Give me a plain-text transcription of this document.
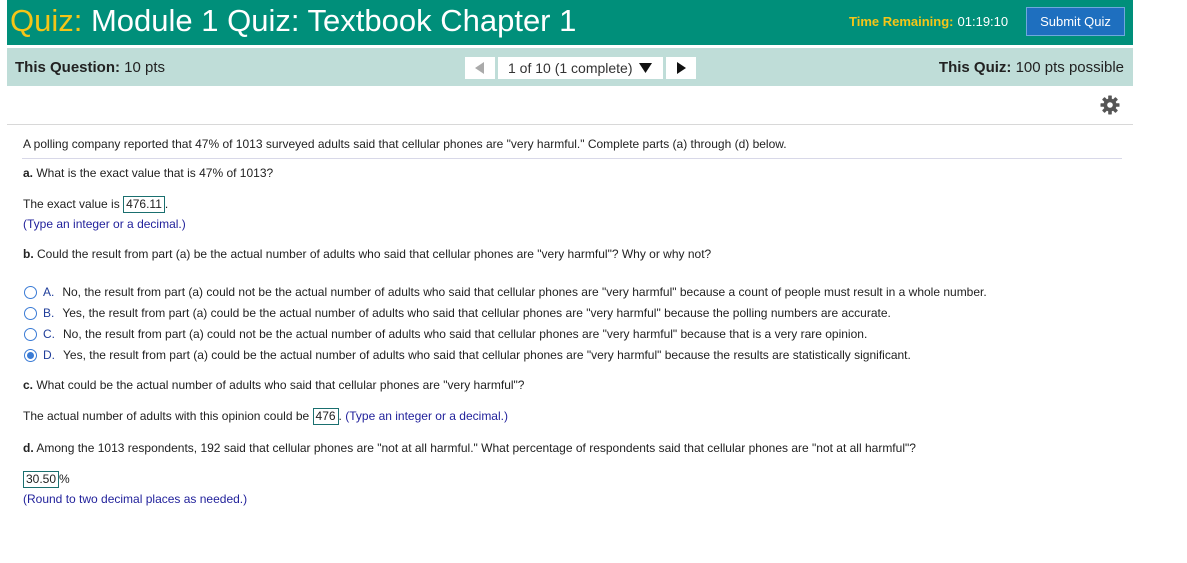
Quiz: Module 1 Quiz: Textbook Chapter 1	Time Remaining: 01:19:10	Submit Quiz
This Question: 10 pts	1 of 10 (1 complete)	This Quiz: 100 pts possible
A polling company reported that 47% of 1013 surveyed adults said that cellular phones are "very harmful." Complete parts (a) through (d) below.
a. What is the exact value that is 47% of 1013?
The exact value is 476.11 .
(Type an integer or a decimal.)
b. Could the result from part (a) be the actual number of adults who said that cellular phones are "very harmful"? Why or why not?
A. No, the result from part (a) could not be the actual number of adults who said that cellular phones are "very harmful" because a count of people must result in a whole number.
B. Yes, the result from part (a) could be the actual number of adults who said that cellular phones are "very harmful" because the polling numbers are accurate.
C. No, the result from part (a) could not be the actual number of adults who said that cellular phones are "very harmful" because that is a very rare opinion.
D. Yes, the result from part (a) could be the actual number of adults who said that cellular phones are "very harmful" because the results are statistically significant.
c. What could be the actual number of adults who said that cellular phones are "very harmful"?
The actual number of adults with this opinion could be 476 . (Type an integer or a decimal.)
d. Among the 1013 respondents, 192 said that cellular phones are "not at all harmful." What percentage of respondents said that cellular phones are "not at all harmful"?
30.50 %
(Round to two decimal places as needed.)
